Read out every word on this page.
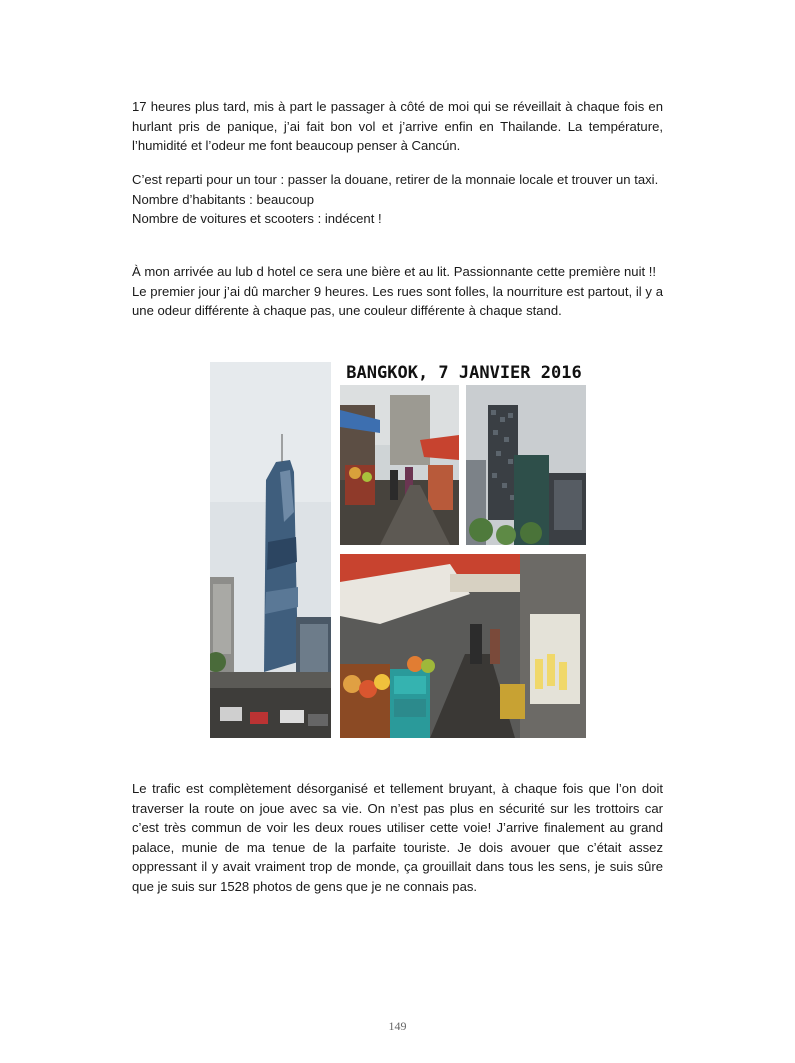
17 heures plus tard, mis à part le passager à côté de moi qui se réveillait à chaque fois en hurlant pris de panique, j’ai fait bon vol et j’arrive enfin en Thailande. La température, l’humidité et l’odeur me font beaucoup penser à Cancún.

C’est reparti pour un tour : passer la douane, retirer de la monnaie locale et trouver un taxi.

Nombre d’habitants : beaucoup

Nombre de voitures et scooters : indécent !

À mon arrivée au lub d hotel ce sera une bière et au lit. Passionnante cette première nuit !!

Le premier jour j’ai dû marcher 9 heures. Les rues sont folles, la nourriture est partout, il y a une odeur différente à chaque pas, une couleur différente à chaque stand.

BANGKOK, 7 JANVIER 2016

Le trafic est complètement désorganisé et tellement bruyant, à chaque fois que l’on doit traverser la route on joue avec sa vie. On n’est pas plus en sécurité sur les trottoirs car c’est très commun de voir les deux roues utiliser cette voie! J’arrive finalement au grand palace, munie de ma tenue de la parfaite touriste. Je dois avouer que c’était assez oppressant il y avait vraiment trop de monde, ça grouillait dans tous les sens, je suis sûre que je suis sur 1528 photos de gens que je ne connais pas.

149
